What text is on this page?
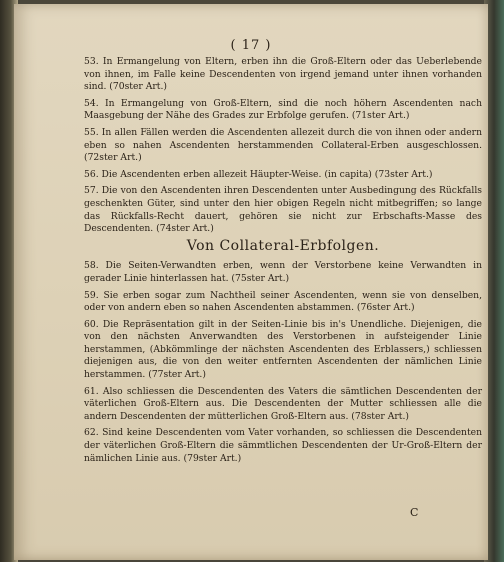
( 17 )

53. In Ermangelung von Eltern, erben ihn die Groß-Eltern oder das Ueberlebende von ihnen, im Falle keine Descendenten von irgend jemand unter ihnen vorhanden sind. (70ster Art.)

54. In Ermangelung von Groß-Eltern, sind die noch höhern Ascendenten nach Maasgebung der Nähe des Grades zur Erbfolge gerufen. (71ster Art.)

55. In allen Fällen werden die Ascendenten allezeit durch die von ihnen oder andern eben so nahen Ascendenten herstammenden Collateral-Erben ausgeschlossen. (72ster Art.)

56. Die Ascendenten erben allezeit Häupter-Weise. (in capita) (73ster Art.)

57. Die von den Ascendenten ihren Descendenten unter Ausbedingung des Rückfalls geschenkten Güter, sind unter den hier obigen Regeln nicht mitbegriffen; so lange das Rückfalls-Recht dauert, gehören sie nicht zur Erbschafts-Masse des Descendenten. (74ster Art.)

Von Collateral-Erbfolgen.

58. Die Seiten-Verwandten erben, wenn der Verstorbene keine Verwandten in gerader Linie hinterlassen hat. (75ster Art.)

59. Sie erben sogar zum Nachtheil seiner Ascendenten, wenn sie von denselben, oder von andern eben so nahen Ascendenten abstammen. (76ster Art.)

60. Die Repräsentation gilt in der Seiten-Linie bis in's Unendliche. Diejenigen, die von den nächsten Anverwandten des Verstorbenen in aufsteigender Linie herstammen, (Abkömmlinge der nächsten Ascendenten des Erblassers,) schliessen diejenigen aus, die von den weiter entfernten Ascendenten der nämlichen Linie herstammen. (77ster Art.)

61. Also schliessen die Descendenten des Vaters die sämtlichen Descendenten der väterlichen Groß-Eltern aus. Die Descendenten der Mutter schliessen alle die andern Descendenten der mütterlichen Groß-Eltern aus. (78ster Art.)

62. Sind keine Descendenten vom Vater vorhanden, so schliessen die Descendenten der väterlichen Groß-Eltern die sämmtlichen Descendenten der Ur-Groß-Eltern der nämlichen Linie aus. (79ster Art.)

C
